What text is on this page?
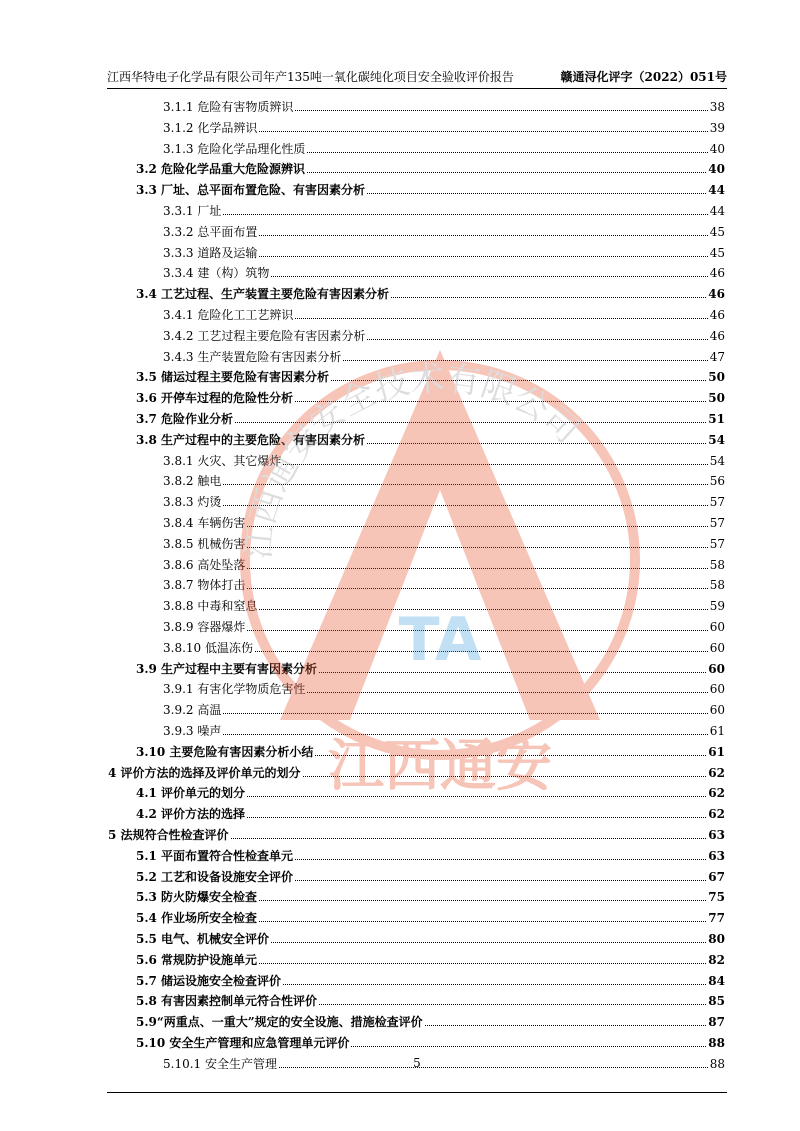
江西华特电子化学品有限公司年产135吨一氧化碳纯化项目安全验收评价报告	赣通浔化评字（2022）051号
3.1.1 危险有害物质辨识	38
3.1.2 化学品辨识	39
3.1.3 危险化学品理化性质	40
3.2 危险化学品重大危险源辨识	40
3.3 厂址、总平面布置危险、有害因素分析	44
3.3.1 厂址	44
3.3.2 总平面布置	45
3.3.3 道路及运输	45
3.3.4 建（构）筑物	46
3.4 工艺过程、生产装置主要危险有害因素分析	46
3.4.1 危险化工工艺辨识	46
3.4.2 工艺过程主要危险有害因素分析	46
3.4.3 生产装置危险有害因素分析	47
3.5 储运过程主要危险有害因素分析	50
3.6 开停车过程的危险性分析	50
3.7 危险作业分析	51
3.8 生产过程中的主要危险、有害因素分析	54
3.8.1 火灾、其它爆炸	54
3.8.2 触电	56
3.8.3 灼烫	57
3.8.4 车辆伤害	57
3.8.5 机械伤害	57
3.8.6 高处坠落	58
3.8.7 物体打击	58
3.8.8 中毒和窒息	59
3.8.9 容器爆炸	60
3.8.10 低温冻伤	60
3.9 生产过程中主要有害因素分析	60
3.9.1 有害化学物质危害性	60
3.9.2 高温	60
3.9.3 噪声	61
3.10 主要危险有害因素分析小结	61
4 评价方法的选择及评价单元的划分	62
4.1 评价单元的划分	62
4.2 评价方法的选择	62
5 法规符合性检查评价	63
5.1 平面布置符合性检查单元	63
5.2 工艺和设备设施安全评价	67
5.3 防火防爆安全检查	75
5.4 作业场所安全检查	77
5.5 电气、机械安全评价	80
5.6 常规防护设施单元	82
5.7 储运设施安全检查评价	84
5.8 有害因素控制单元符合性评价	85
5.9“两重点、一重大”规定的安全设施、措施检查评价	87
5.10 安全生产管理和应急管理单元评价	88
5.10.1 安全生产管理	88
5
TA
江西通安安全技术有限公司
江西通安
